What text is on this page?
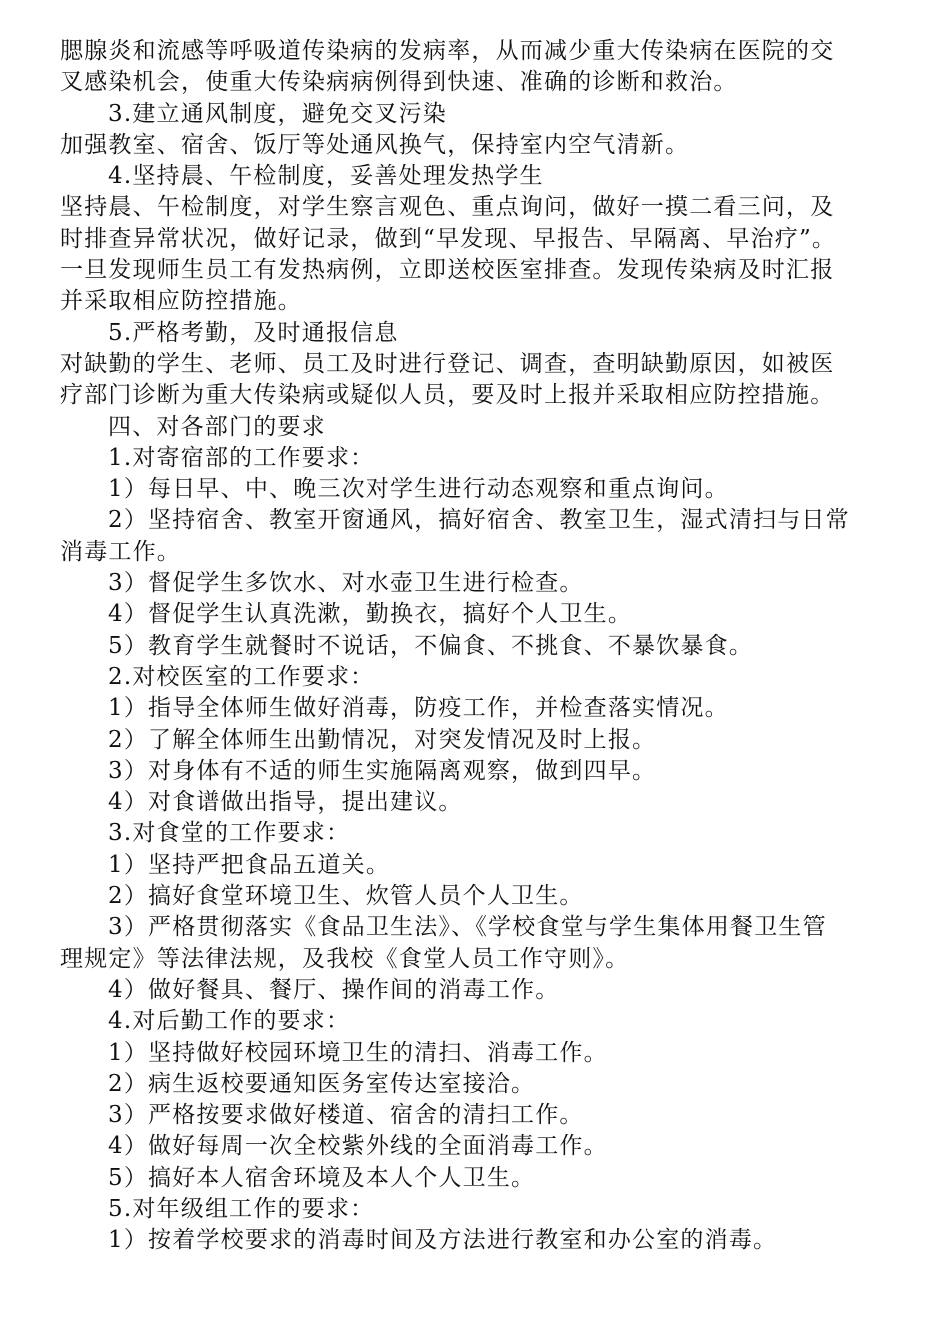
腮腺炎和流感等呼吸道传染病的发病率，从而减少重大传染病在医院的交
叉感染机会，使重大传染病病例得到快速、准确的诊断和救治。
3.建立通风制度，避免交叉污染
加强教室、宿舍、饭厅等处通风换气，保持室内空气清新。
4.坚持晨、午检制度，妥善处理发热学生
坚持晨、午检制度，对学生察言观色、重点询问，做好一摸二看三问，及
时排查异常状况，做好记录，做到“早发现、早报告、早隔离、早治疗”。
一旦发现师生员工有发热病例，立即送校医室排查。发现传染病及时汇报
并采取相应防控措施。
5.严格考勤，及时通报信息
对缺勤的学生、老师、员工及时进行登记、调查，查明缺勤原因，如被医
疗部门诊断为重大传染病或疑似人员，要及时上报并采取相应防控措施。
四、对各部门的要求
1.对寄宿部的工作要求：
1）每日早、中、晚三次对学生进行动态观察和重点询问。
2）坚持宿舍、教室开窗通风，搞好宿舍、教室卫生，湿式清扫与日常
消毒工作。
3）督促学生多饮水、对水壶卫生进行检查。
4）督促学生认真洗漱，勤换衣，搞好个人卫生。
5）教育学生就餐时不说话，不偏食、不挑食、不暴饮暴食。
2.对校医室的工作要求：
1）指导全体师生做好消毒，防疫工作，并检查落实情况。
2）了解全体师生出勤情况，对突发情况及时上报。
3）对身体有不适的师生实施隔离观察，做到四早。
4）对食谱做出指导，提出建议。
3.对食堂的工作要求：
1）坚持严把食品五道关。
2）搞好食堂环境卫生、炊管人员个人卫生。
3）严格贯彻落实《食品卫生法》、《学校食堂与学生集体用餐卫生管
理规定》等法律法规，及我校《食堂人员工作守则》。
4）做好餐具、餐厅、操作间的消毒工作。
4.对后勤工作的要求：
1）坚持做好校园环境卫生的清扫、消毒工作。
2）病生返校要通知医务室传达室接洽。
3）严格按要求做好楼道、宿舍的清扫工作。
4）做好每周一次全校紫外线的全面消毒工作。
5）搞好本人宿舍环境及本人个人卫生。
5.对年级组工作的要求：
1）按着学校要求的消毒时间及方法进行教室和办公室的消毒。
